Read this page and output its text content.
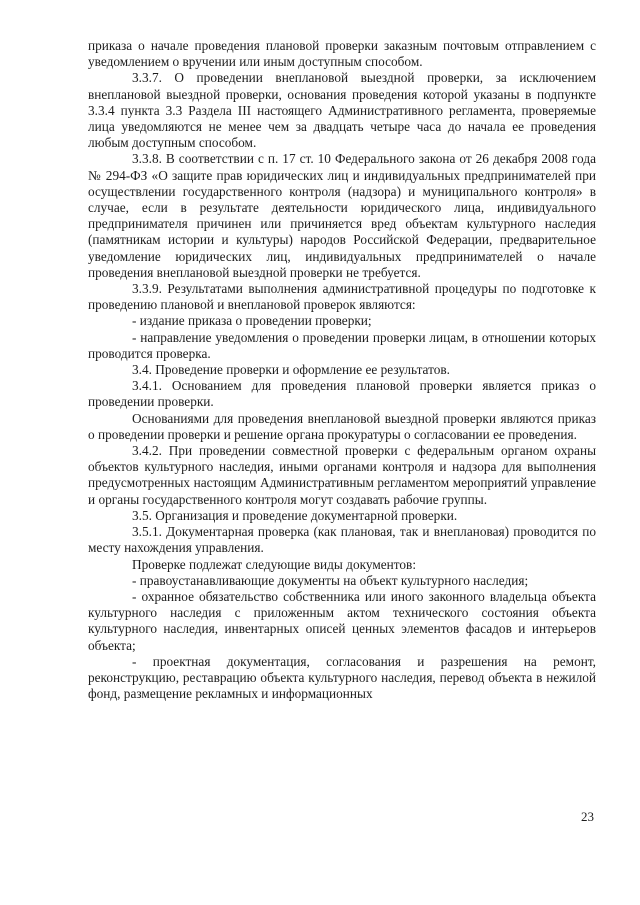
приказа о начале проведения плановой проверки заказным почтовым отправлением с уведомлением о вручении или иным доступным способом.

3.3.7. О проведении внеплановой выездной проверки, за исключением внеплановой выездной проверки, основания проведения которой указаны в подпункте 3.3.4 пункта 3.3 Раздела III настоящего Административного регламента, проверяемые лица уведомляются не менее чем за двадцать четыре часа до начала ее проведения любым доступным способом.

3.3.8. В соответствии с п. 17 ст. 10 Федерального закона от 26 декабря 2008 года № 294-ФЗ «О защите прав юридических лиц и индивидуальных предпринимателей при осуществлении государственного контроля (надзора) и муниципального контроля» в случае, если в результате деятельности юридического лица, индивидуального предпринимателя причинен или причиняется вред объектам культурного наследия (памятникам истории и культуры) народов Российской Федерации, предварительное уведомление юридических лиц, индивидуальных предпринимателей о начале проведения внеплановой выездной проверки не требуется.

3.3.9. Результатами выполнения административной процедуры по подготовке к проведению плановой и внеплановой проверок являются:

- издание приказа о проведении проверки;

- направление уведомления о проведении проверки лицам, в отношении которых проводится проверка.

3.4. Проведение проверки и оформление ее результатов.

3.4.1. Основанием для проведения плановой проверки является приказ о проведении проверки.

Основаниями для проведения внеплановой выездной проверки являются приказ о проведении проверки и решение органа прокуратуры о согласовании ее проведения.

3.4.2. При проведении совместной проверки с федеральным органом охраны объектов культурного наследия, иными органами контроля и надзора для выполнения предусмотренных настоящим Административным регламентом мероприятий управление и органы государственного контроля могут создавать рабочие группы.

3.5. Организация и проведение документарной проверки.

3.5.1. Документарная проверка (как плановая, так и внеплановая) проводится по месту нахождения управления.

Проверке подлежат следующие виды документов:

- правоустанавливающие документы на объект культурного наследия;

- охранное обязательство собственника или иного законного владельца объекта культурного наследия с приложенным актом технического состояния объекта культурного наследия, инвентарных описей ценных элементов фасадов и интерьеров объекта;

- проектная документация, согласования и разрешения на ремонт, реконструкцию, реставрацию объекта культурного наследия, перевод объекта в нежилой фонд, размещение рекламных и информационных

23
